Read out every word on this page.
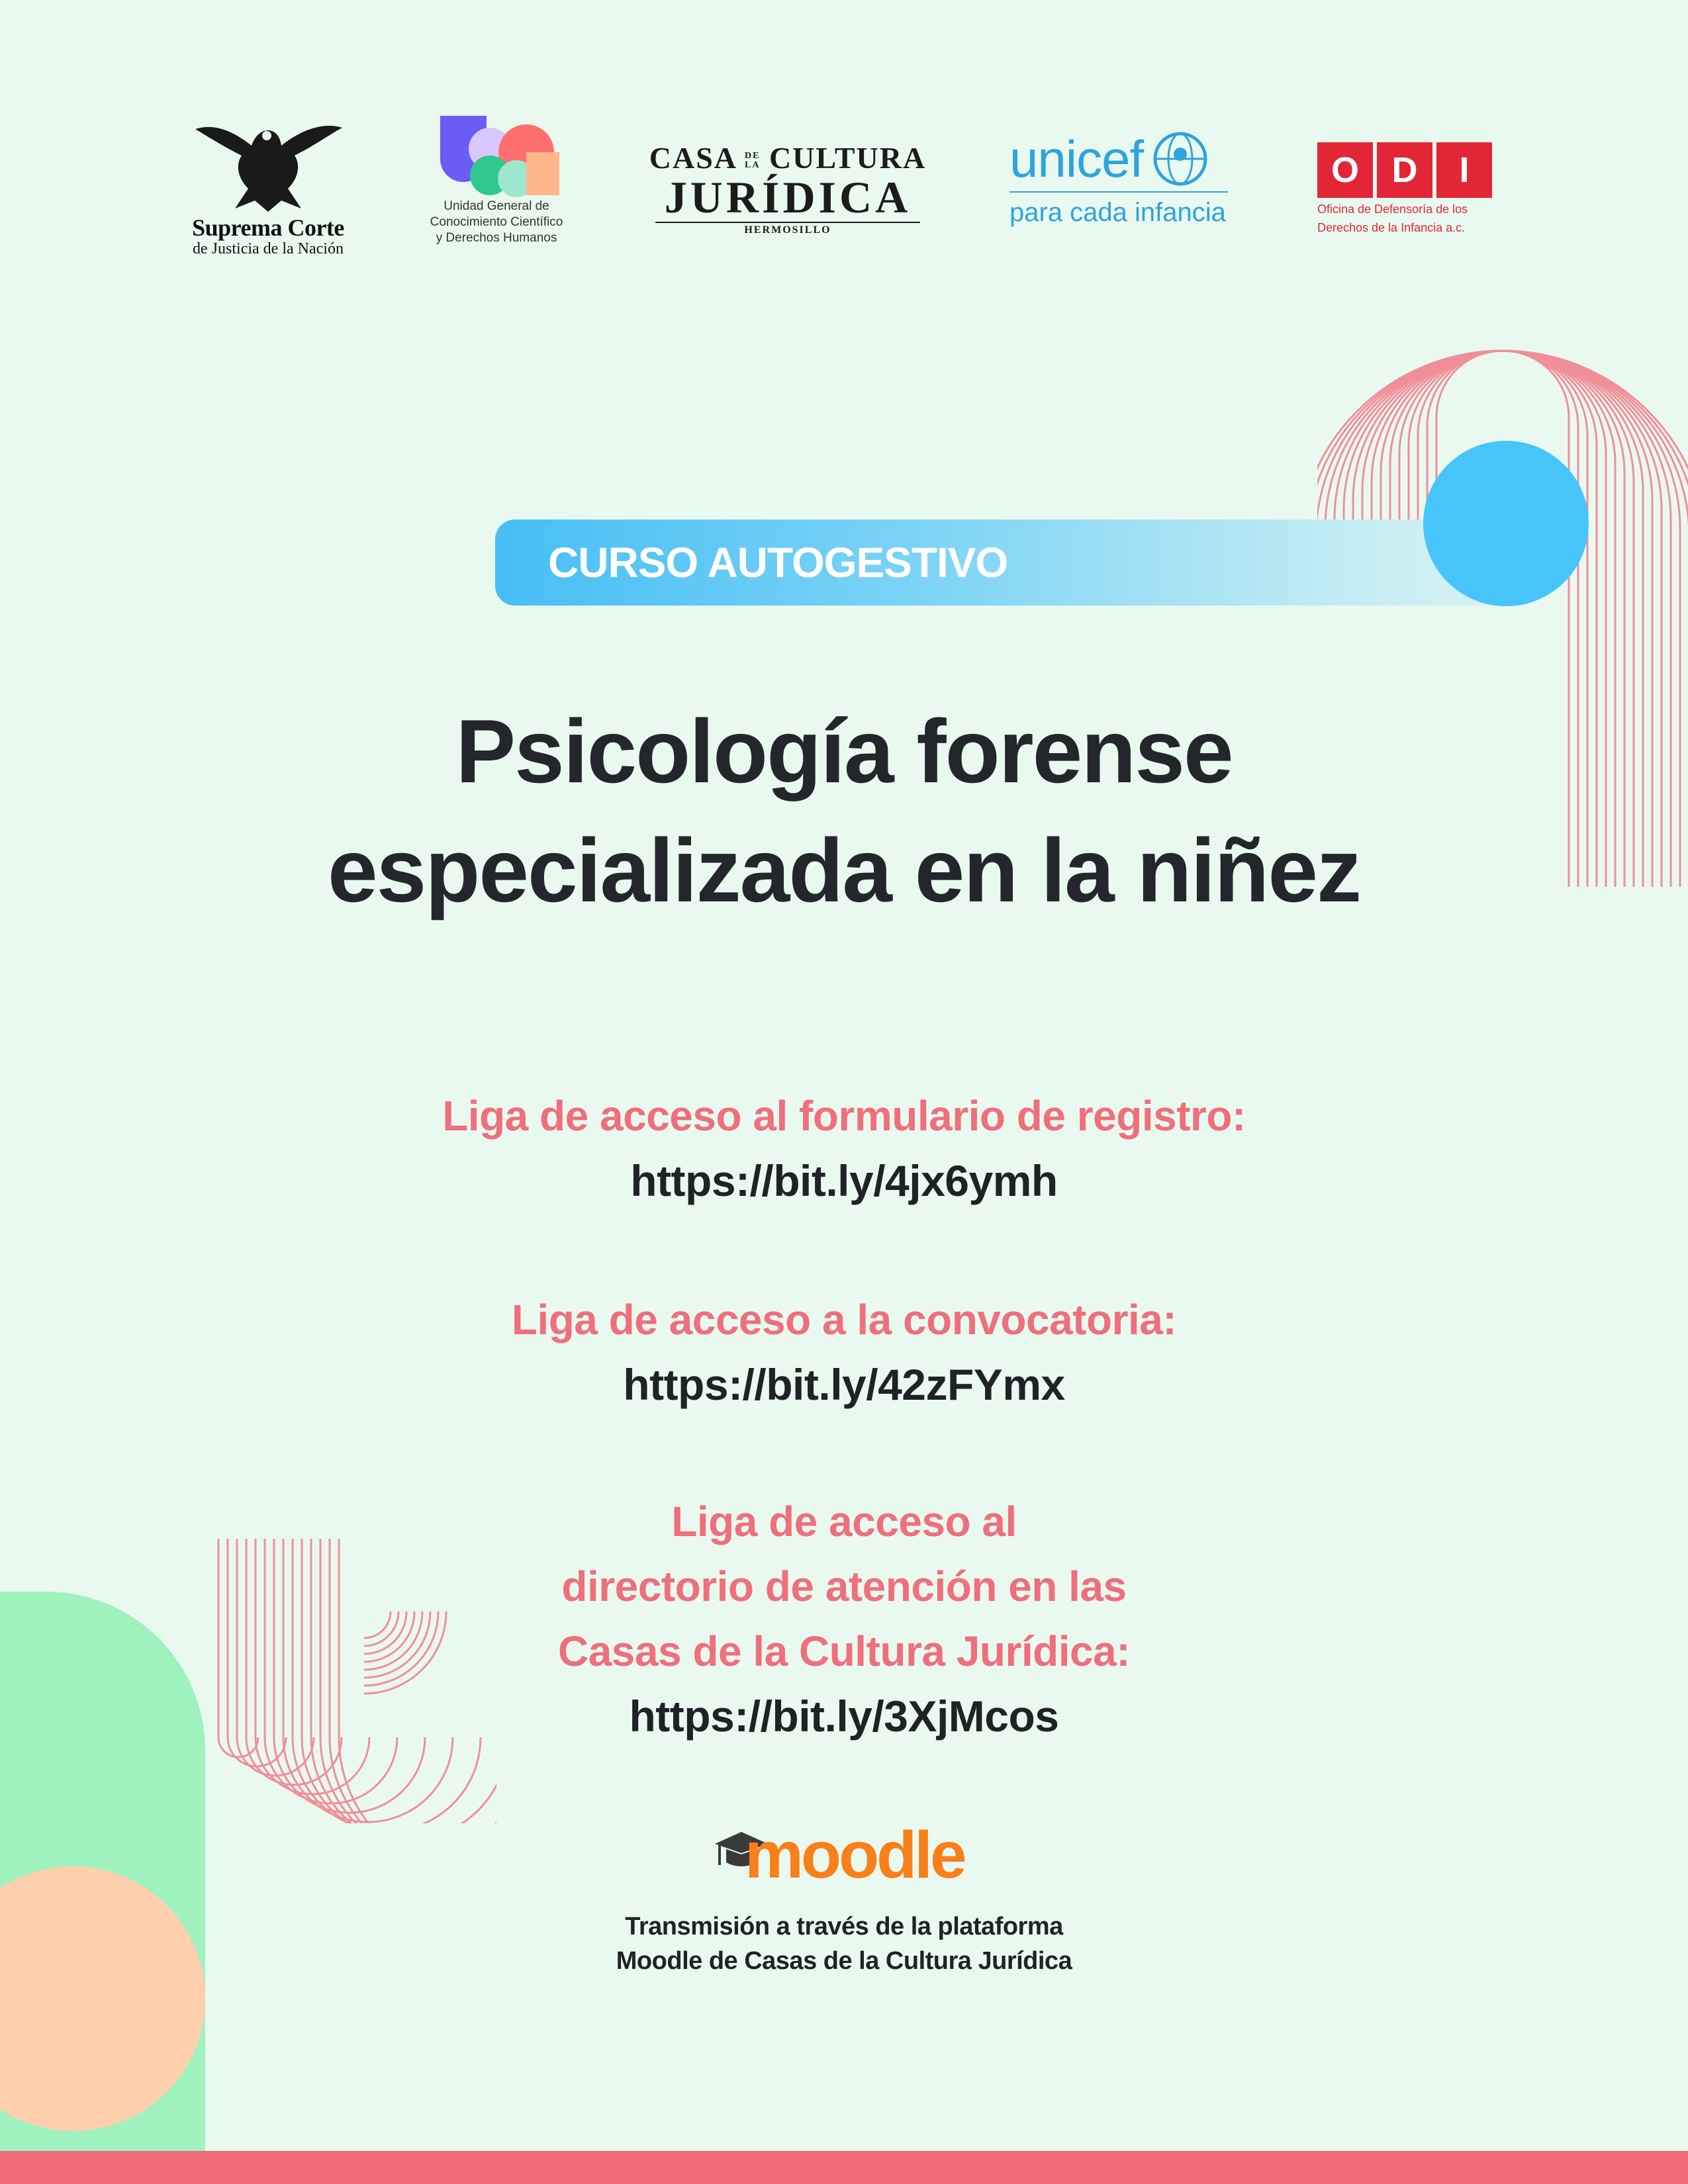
Suprema Corte
de Justicia de la Nación
Unidad General de
Conocimiento Científico
y Derechos Humanos
CASA DE
LA CULTURA
JURÍDICA
HERMOSILLO
unicef
para cada infancia
O D	I
Oficina de Defensoría de los
Derechos de la Infancia a.c.
CURSO AUTOGESTIVO
Psicología forense
especializada en la niñez
Liga de acceso al formulario de registro:
https://bit.ly/4jx6ymh
Liga de acceso a la convocatoria:
https://bit.ly/42zFYmx
Liga de acceso al
directorio de atención en las
Casas de la Cultura Jurídica:
https://bit.ly/3XjMcos
moodle
Transmisión a través de la plataforma
Moodle de Casas de la Cultura Jurídica
